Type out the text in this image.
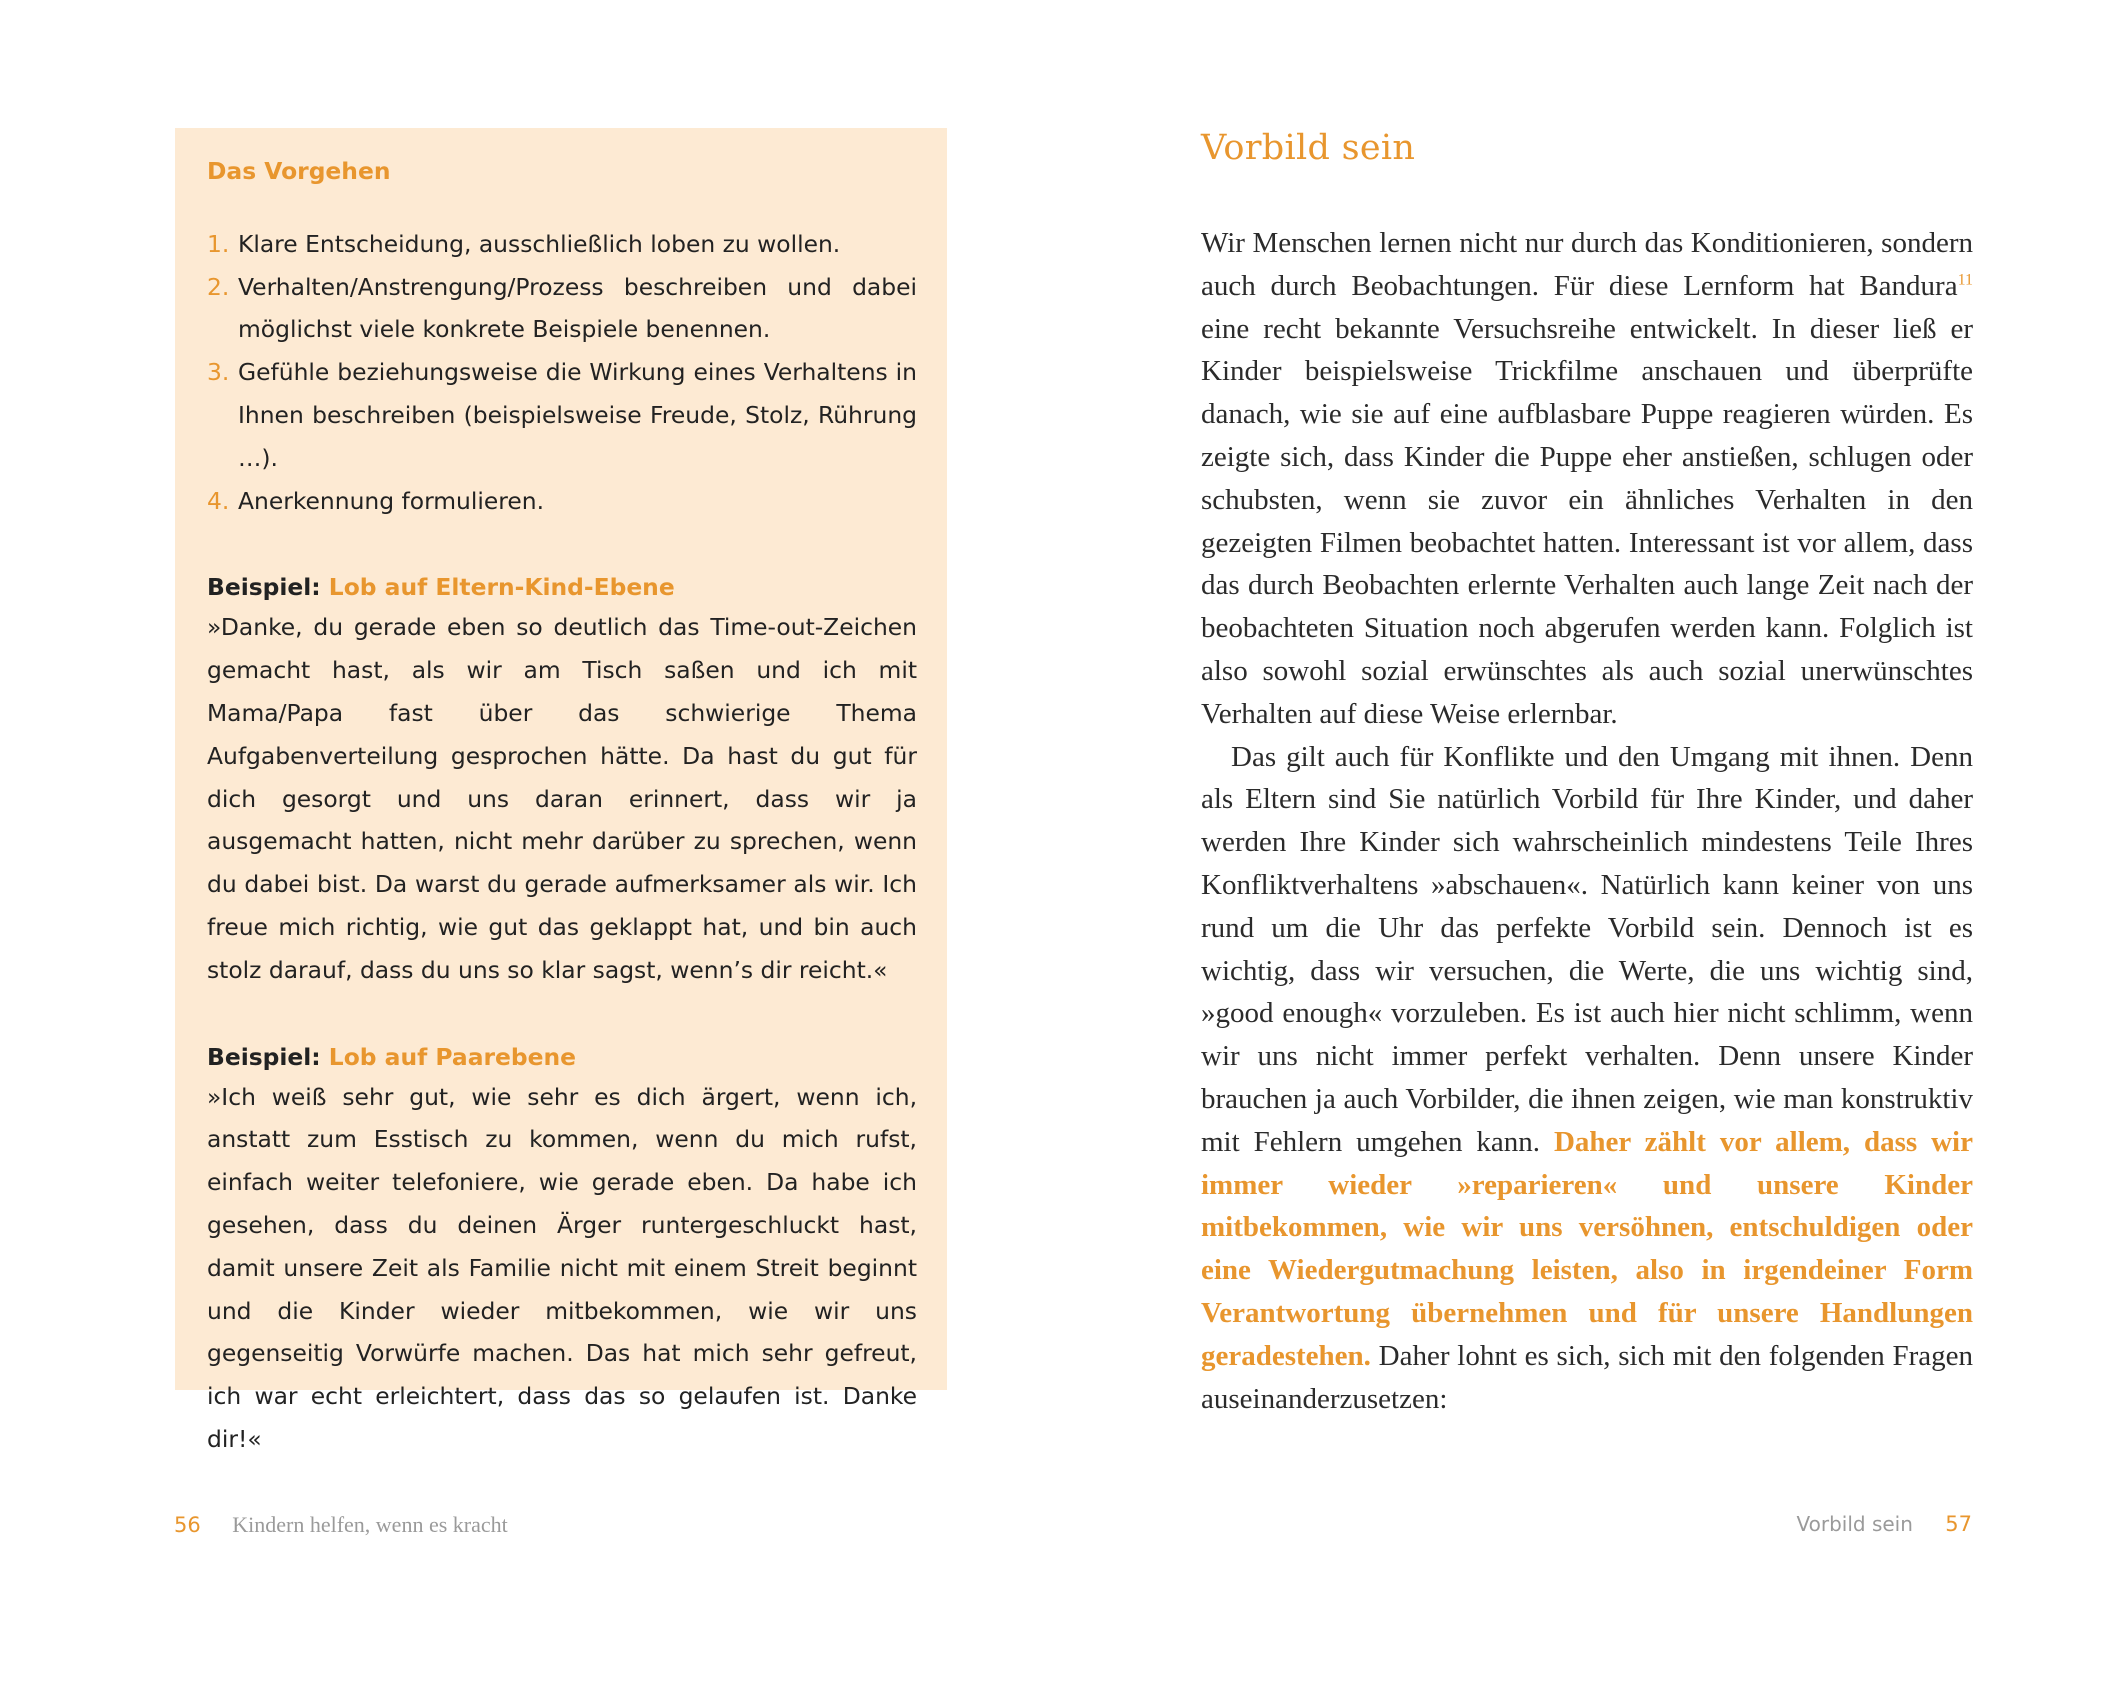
Das Vorgehen
1. Klare Entscheidung, ausschließlich loben zu wollen.
2. Verhalten/Anstrengung/Prozess beschreiben und dabei möglichst viele konkrete Beispiele benennen.
3. Gefühle beziehungsweise die Wirkung eines Verhaltens in Ihnen beschreiben (beispielsweise Freude, Stolz, Rührung …).
4. Anerkennung formulieren.
Beispiel: Lob auf Eltern-Kind-Ebene

»Danke, du gerade eben so deutlich das Time-out-Zeichen gemacht hast, als wir am Tisch saßen und ich mit Mama/Papa fast über das schwierige Thema Aufgabenverteilung gesprochen hätte. Da hast du gut für dich gesorgt und uns daran erinnert, dass wir ja ausgemacht hatten, nicht mehr darüber zu sprechen, wenn du dabei bist. Da warst du gerade aufmerksamer als wir. Ich freue mich richtig, wie gut das geklappt hat, und bin auch stolz darauf, dass du uns so klar sagst, wenn’s dir reicht.«

Beispiel: Lob auf Paarebene

»Ich weiß sehr gut, wie sehr es dich ärgert, wenn ich, anstatt zum Esstisch zu kommen, wenn du mich rufst, einfach weiter telefoniere, wie gerade eben. Da habe ich gesehen, dass du deinen Ärger runtergeschluckt hast, damit unsere Zeit als Familie nicht mit einem Streit beginnt und die Kinder wieder mitbekommen, wie wir uns gegenseitig Vorwürfe machen. Das hat mich sehr gefreut, ich war echt erleichtert, dass das so gelaufen ist. Danke dir!«

56 Kindern helfen, wenn es kracht
Vorbild sein

Wir Menschen lernen nicht nur durch das Konditionieren, sondern auch durch Beobachtungen. Für diese Lernform hat Bandura$^{11}$ eine recht bekannte Versuchsreihe entwickelt. In dieser ließ er Kinder beispielsweise Trickfilme anschauen und überprüfte danach, wie sie auf eine aufblasbare Puppe reagieren würden. Es zeigte sich, dass Kinder die Puppe eher anstießen, schlugen oder schubsten, wenn sie zuvor ein ähnliches Verhalten in den gezeigten Filmen beobachtet hatten. Interessant ist vor allem, dass das durch Beobachten erlernte Verhalten auch lange Zeit nach der beobachteten Situation noch abgerufen werden kann. Folglich ist also sowohl sozial erwünschtes als auch sozial unerwünschtes Verhalten auf diese Weise erlernbar.

Das gilt auch für Konflikte und den Umgang mit ihnen. Denn als Eltern sind Sie natürlich Vorbild für Ihre Kinder, und daher werden Ihre Kinder sich wahrscheinlich mindestens Teile Ihres Konfliktverhaltens »abschauen«. Natürlich kann keiner von uns rund um die Uhr das perfekte Vorbild sein. Dennoch ist es wichtig, dass wir versuchen, die Werte, die uns wichtig sind, »good enough« vorzuleben. Es ist auch hier nicht schlimm, wenn wir uns nicht immer perfekt verhalten. Denn unsere Kinder brauchen ja auch Vorbilder, die ihnen zeigen, wie man konstruktiv mit Fehlern umgehen kann. Daher zählt vor allem, dass wir immer wieder »reparieren« und unsere Kinder mitbekommen, wie wir uns versöhnen, entschuldigen oder eine Wiedergutmachung leisten, also in irgendeiner Form Verantwortung übernehmen und für unsere Handlungen geradestehen. Daher lohnt es sich, sich mit den folgenden Fragen auseinanderzusetzen:

Vorbild sein 57
